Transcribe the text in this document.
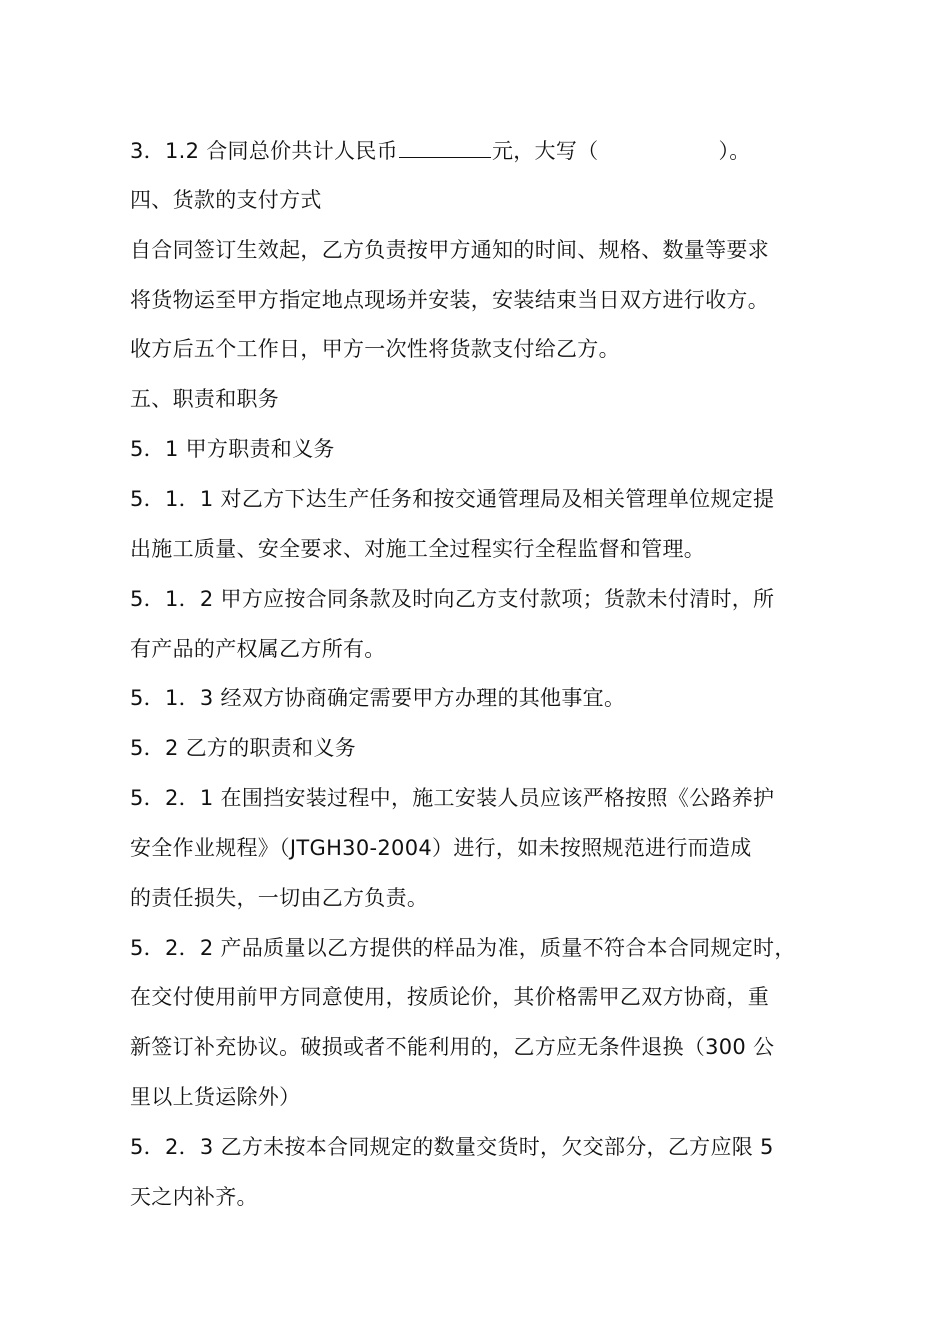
3．1.2 合同总价共计人民币	元，大写（	）。
四、货款的支付方式
自合同签订生效起，乙方负责按甲方通知的时间、规格、数量等要求
将货物运至甲方指定地点现场并安装，安装结束当日双方进行收方。
收方后五个工作日，甲方一次性将货款支付给乙方。
五、职责和职务
5．1 甲方职责和义务
5．1．1 对乙方下达生产任务和按交通管理局及相关管理单位规定提
出施工质量、安全要求、对施工全过程实行全程监督和管理。
5．1．2 甲方应按合同条款及时向乙方支付款项；货款未付清时，所
有产品的产权属乙方所有。
5．1．3 经双方协商确定需要甲方办理的其他事宜。
5．2 乙方的职责和义务
5．2．1 在围挡安装过程中，施工安装人员应该严格按照《公路养护
安全作业规程》（JTGH30-2004）进行，如未按照规范进行而造成
的责任损失，一切由乙方负责。
5．2．2 产品质量以乙方提供的样品为准，质量不符合本合同规定时，
在交付使用前甲方同意使用，按质论价，其价格需甲乙双方协商，重
新签订补充协议。破损或者不能利用的，乙方应无条件退换（300 公
里以上货运除外）
5．2．3 乙方未按本合同规定的数量交货时，欠交部分，乙方应限 5
天之内补齐。
